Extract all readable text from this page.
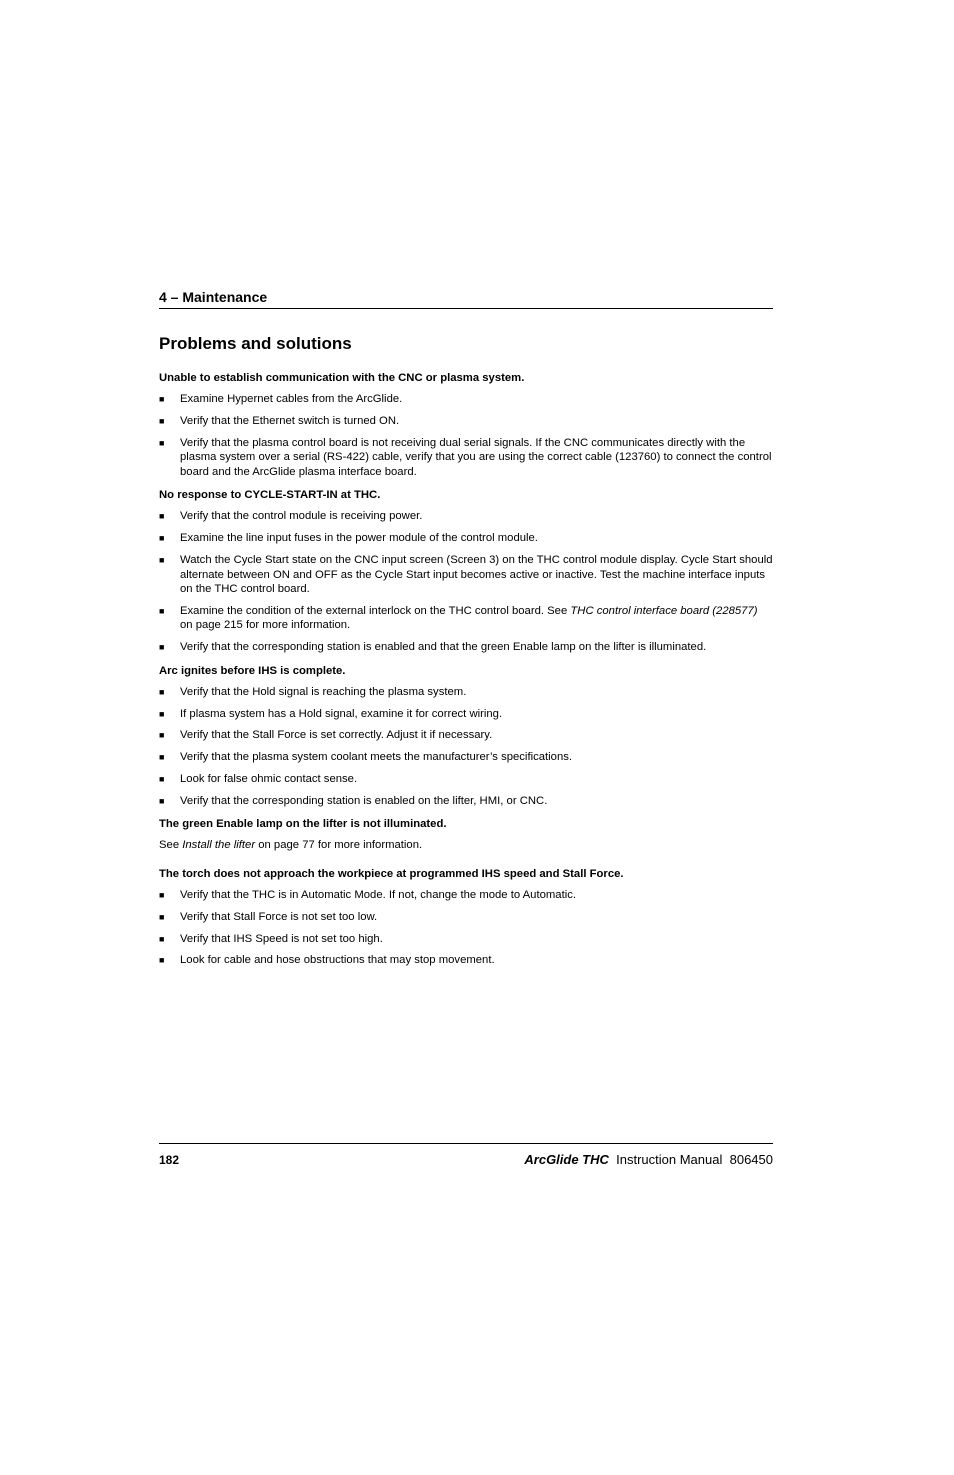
4 – Maintenance
Problems and solutions
Unable to establish communication with the CNC or plasma system.
■ Examine Hypernet cables from the ArcGlide.
■ Verify that the Ethernet switch is turned ON.
■ Verify that the plasma control board is not receiving dual serial signals. If the CNC communicates directly with the plasma system over a serial (RS-422) cable, verify that you are using the correct cable (123760) to connect the control board and the ArcGlide plasma interface board.
No response to CYCLE-START-IN at THC.
■ Verify that the control module is receiving power.
■ Examine the line input fuses in the power module of the control module.
■ Watch the Cycle Start state on the CNC input screen (Screen 3) on the THC control module display. Cycle Start should alternate between ON and OFF as the Cycle Start input becomes active or inactive. Test the machine interface inputs on the THC control board.
■ Examine the condition of the external interlock on the THC control board. See THC control interface board (228577) on page 215 for more information.
■ Verify that the corresponding station is enabled and that the green Enable lamp on the lifter is illuminated.
Arc ignites before IHS is complete.
■ Verify that the Hold signal is reaching the plasma system.
■ If plasma system has a Hold signal, examine it for correct wiring.
■ Verify that the Stall Force is set correctly. Adjust it if necessary.
■ Verify that the plasma system coolant meets the manufacturer’s specifications.
■ Look for false ohmic contact sense.
■ Verify that the corresponding station is enabled on the lifter, HMI, or CNC.
The green Enable lamp on the lifter is not illuminated.

See Install the lifter on page 77 for more information.

The torch does not approach the workpiece at programmed IHS speed and Stall Force.
■ Verify that the THC is in Automatic Mode. If not, change the mode to Automatic.
■ Verify that Stall Force is not set too low.
■ Verify that IHS Speed is not set too high.
■ Look for cable and hose obstructions that may stop movement.
182	ArcGlide THC Instruction Manual 806450
